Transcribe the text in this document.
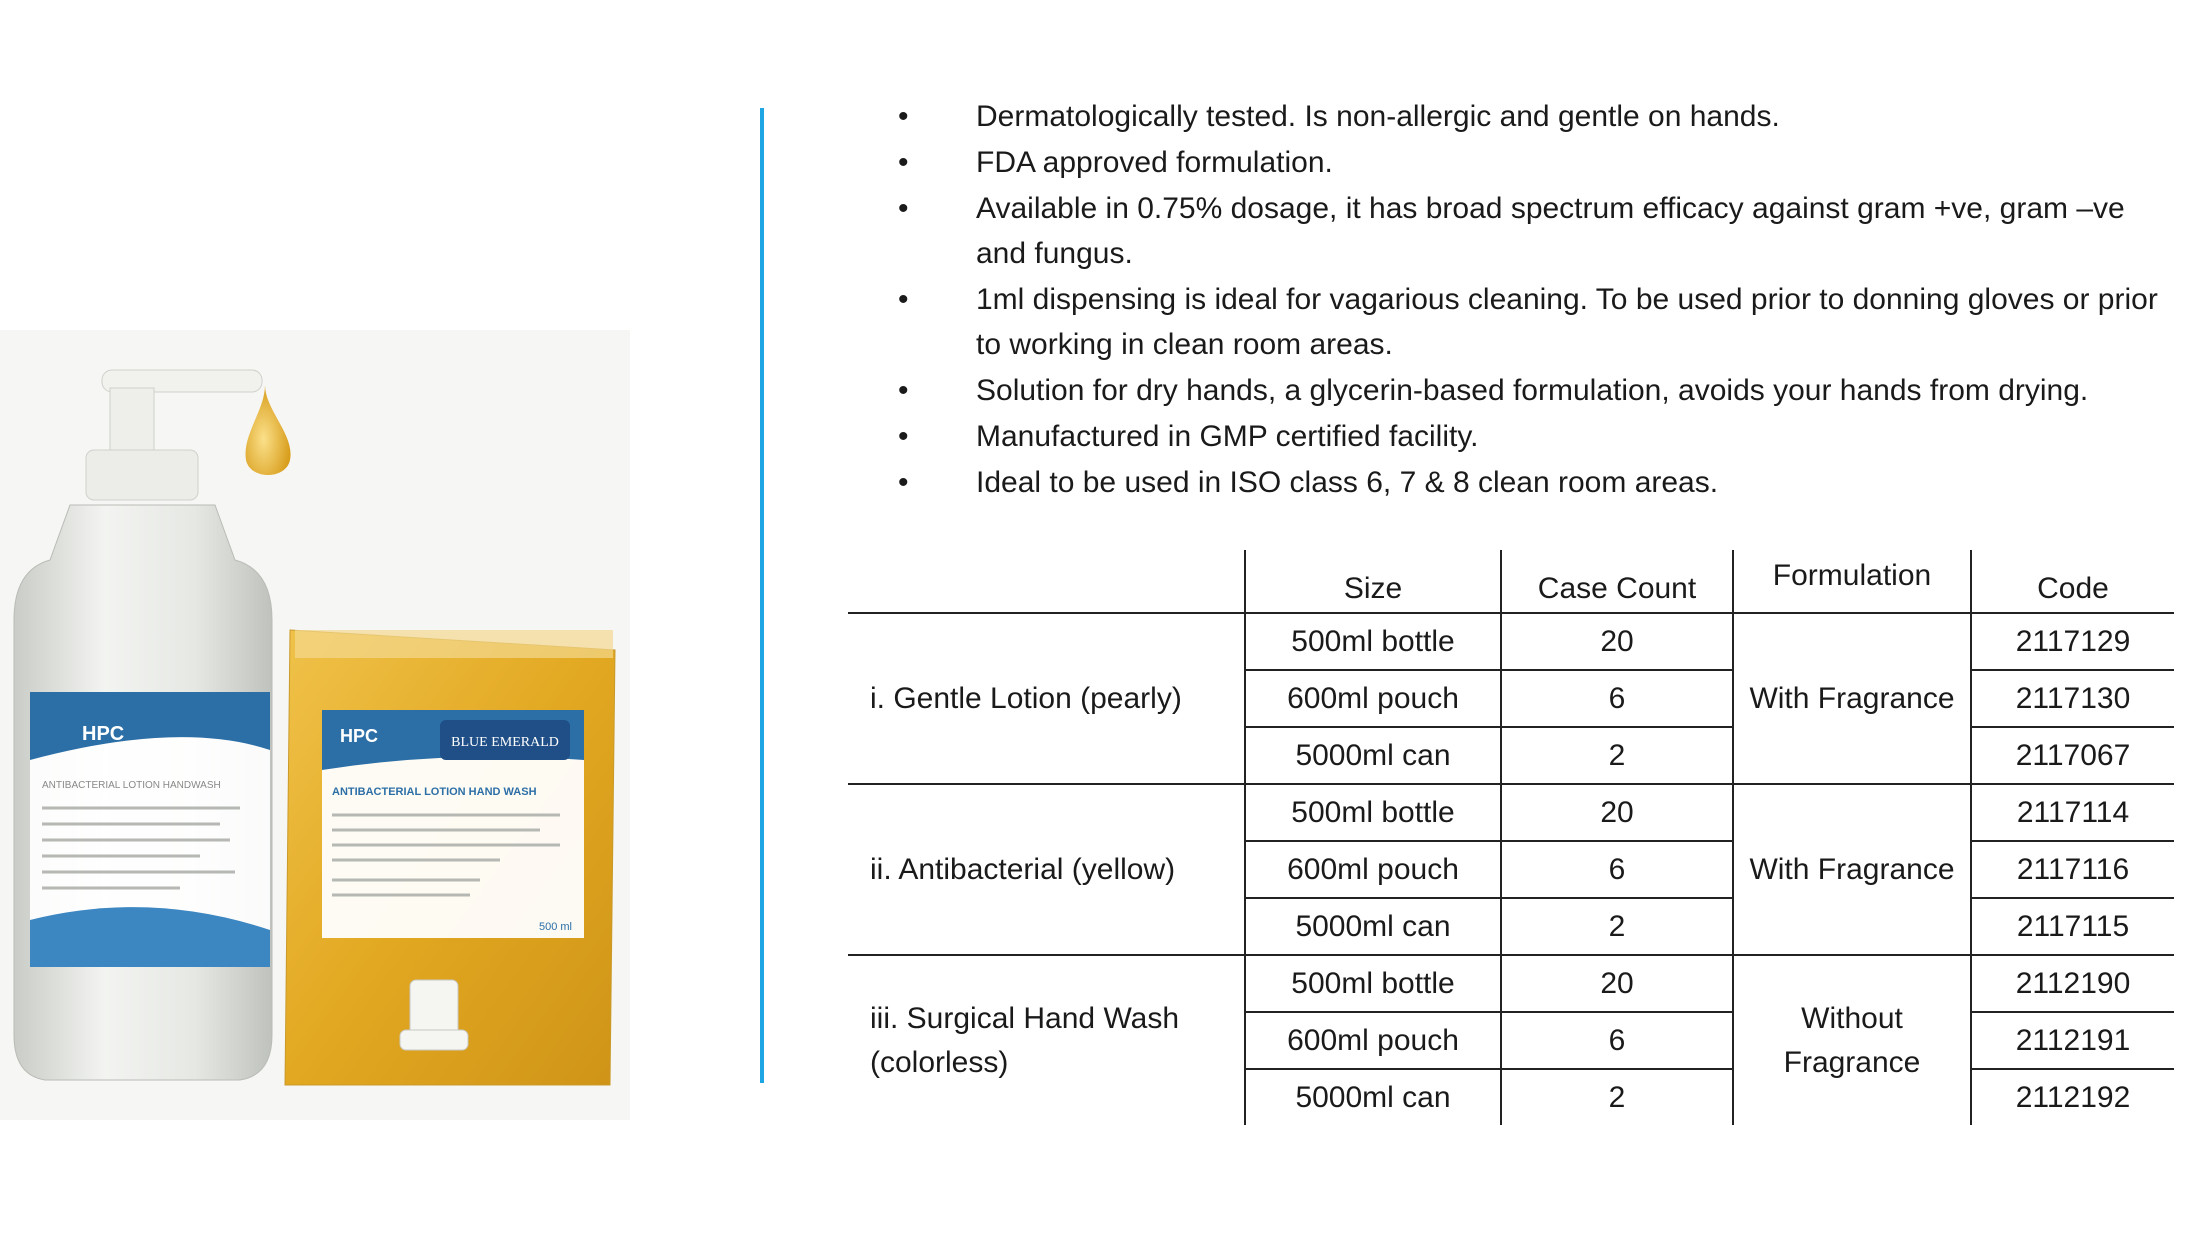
HPC
ANTIBACTERIAL LOTION HANDWASH
HPC	BLUE EMERALD
ANTIBACTERIAL LOTION HAND WASH
500 ml
• Dermatologically tested. Is non-allergic and gentle on hands.
• FDA approved formulation.
• Available in 0.75% dosage, it has broad spectrum efficacy against gram +ve, gram –ve and fungus.
• 1ml dispensing is ideal for vagarious cleaning. To be used prior to donning gloves or prior to working in clean room areas.
• Solution for dry hands, a glycerin-based formulation, avoids your hands from drying.
• Manufactured in GMP certified facility.
• Ideal to be used in ISO class 6, 7 & 8 clean room areas.
	Size	Case Count	Formulation	Code
i. Gentle Lotion (pearly)	500ml bottle	20	With Fragrance	2117129
	600ml pouch	6		2117130
	5000ml can	2		2117067
ii. Antibacterial (yellow)	500ml bottle	20	With Fragrance	2117114
	600ml pouch	6		2117116
	5000ml can	2		2117115
iii. Surgical Hand Wash (colorless)	500ml bottle	20	Without Fragrance	2112190
	600ml pouch	6		2112191
	5000ml can	2		2112192
